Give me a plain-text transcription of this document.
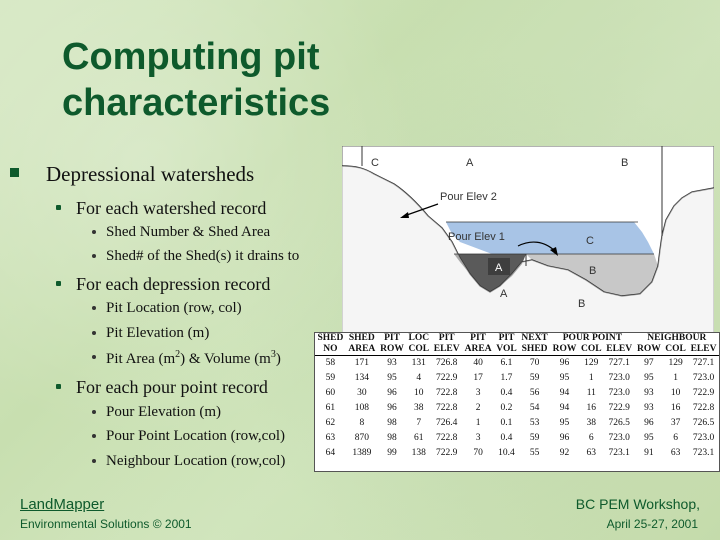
Computing pit
characteristics
Depressional watersheds
For each watershed record
Shed Number & Shed Area
Shed# of the Shed(s) it drains to
For each depression record
Pit Location (row, col)
Pit Elevation (m)
Pit Area $(m^2)$ & Volume $(m^3)$
For each pour point record
Pour Elevation (m)
Pour Point Location (row,col)
Neighbour Location (row,col)
C	A	B
Pour Elev 2
Pour Elev 1
A
C
B
A
B
SHED	SHED	PIT	LOC	PIT	PIT	PIT	NEXT	POUR POINT			NEIGHBOUR		
NO	AREA	ROW	COL	ELEV	AREA	VOL	SHED	ROW	COL	ELEV	ROW	COL	ELEV
58	171	93	131	726.8	40	6.1	70	96	129	727.1	97	129	727.1
59	134	95	4	722.9	17	1.7	59	95	1	723.0	95	1	723.0
60	30	96	10	722.8	3	0.4	56	94	11	723.0	93	10	722.9
61	108	96	38	722.8	2	0.2	54	94	16	722.9	93	16	722.8
62	8	98	7	726.4	1	0.1	53	95	38	726.5	96	37	726.5
63	870	98	61	722.8	3	0.4	59	96	6	723.0	95	6	723.0
64	1389	99	138	722.9	70	10.4	55	92	63	723.1	91	63	723.1
LandMapper
Environmental Solutions © 2001
BC PEM Workshop,
April 25-27, 2001
